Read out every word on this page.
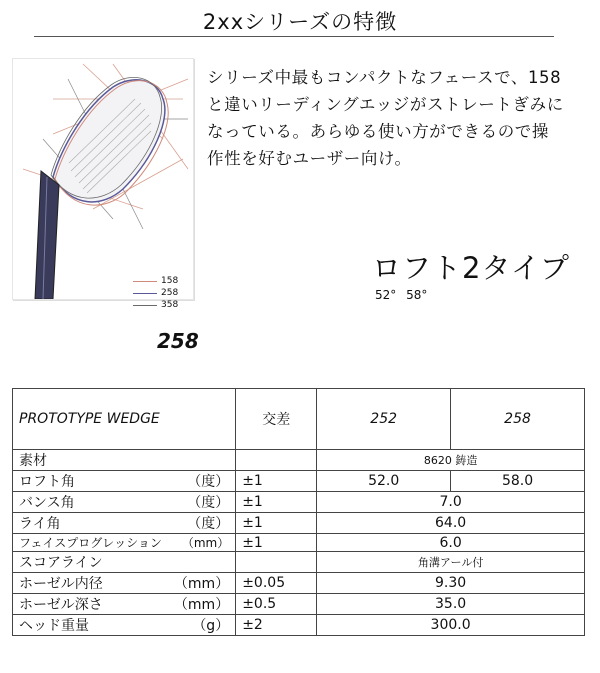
2xxシリーズの特徴
158
258
358
258
シリーズ中最もコンパクトなフェースで、158
と違いリーディングエッジがストレートぎみに
なっている。あらゆる使い方ができるので操
作性を好むユーザー向け。
ロフト2タイプ
52° 58°
PROTOTYPE WEDGE		交差	252	258
素材			8620 鋳造	
ロフト角	（度）	±1	52.0	58.0
バンス角	（度）	±1	7.0	
ライ角	（度）	±1	64.0	
フェイスプログレッション	（mm）	±1	6.0	
スコアライン			角溝アール付	
ホーゼル内径	（mm）	±0.05	9.30	
ホーゼル深さ	（mm）	±0.5	35.0	
ヘッド重量	（g）	±2	300.0	
